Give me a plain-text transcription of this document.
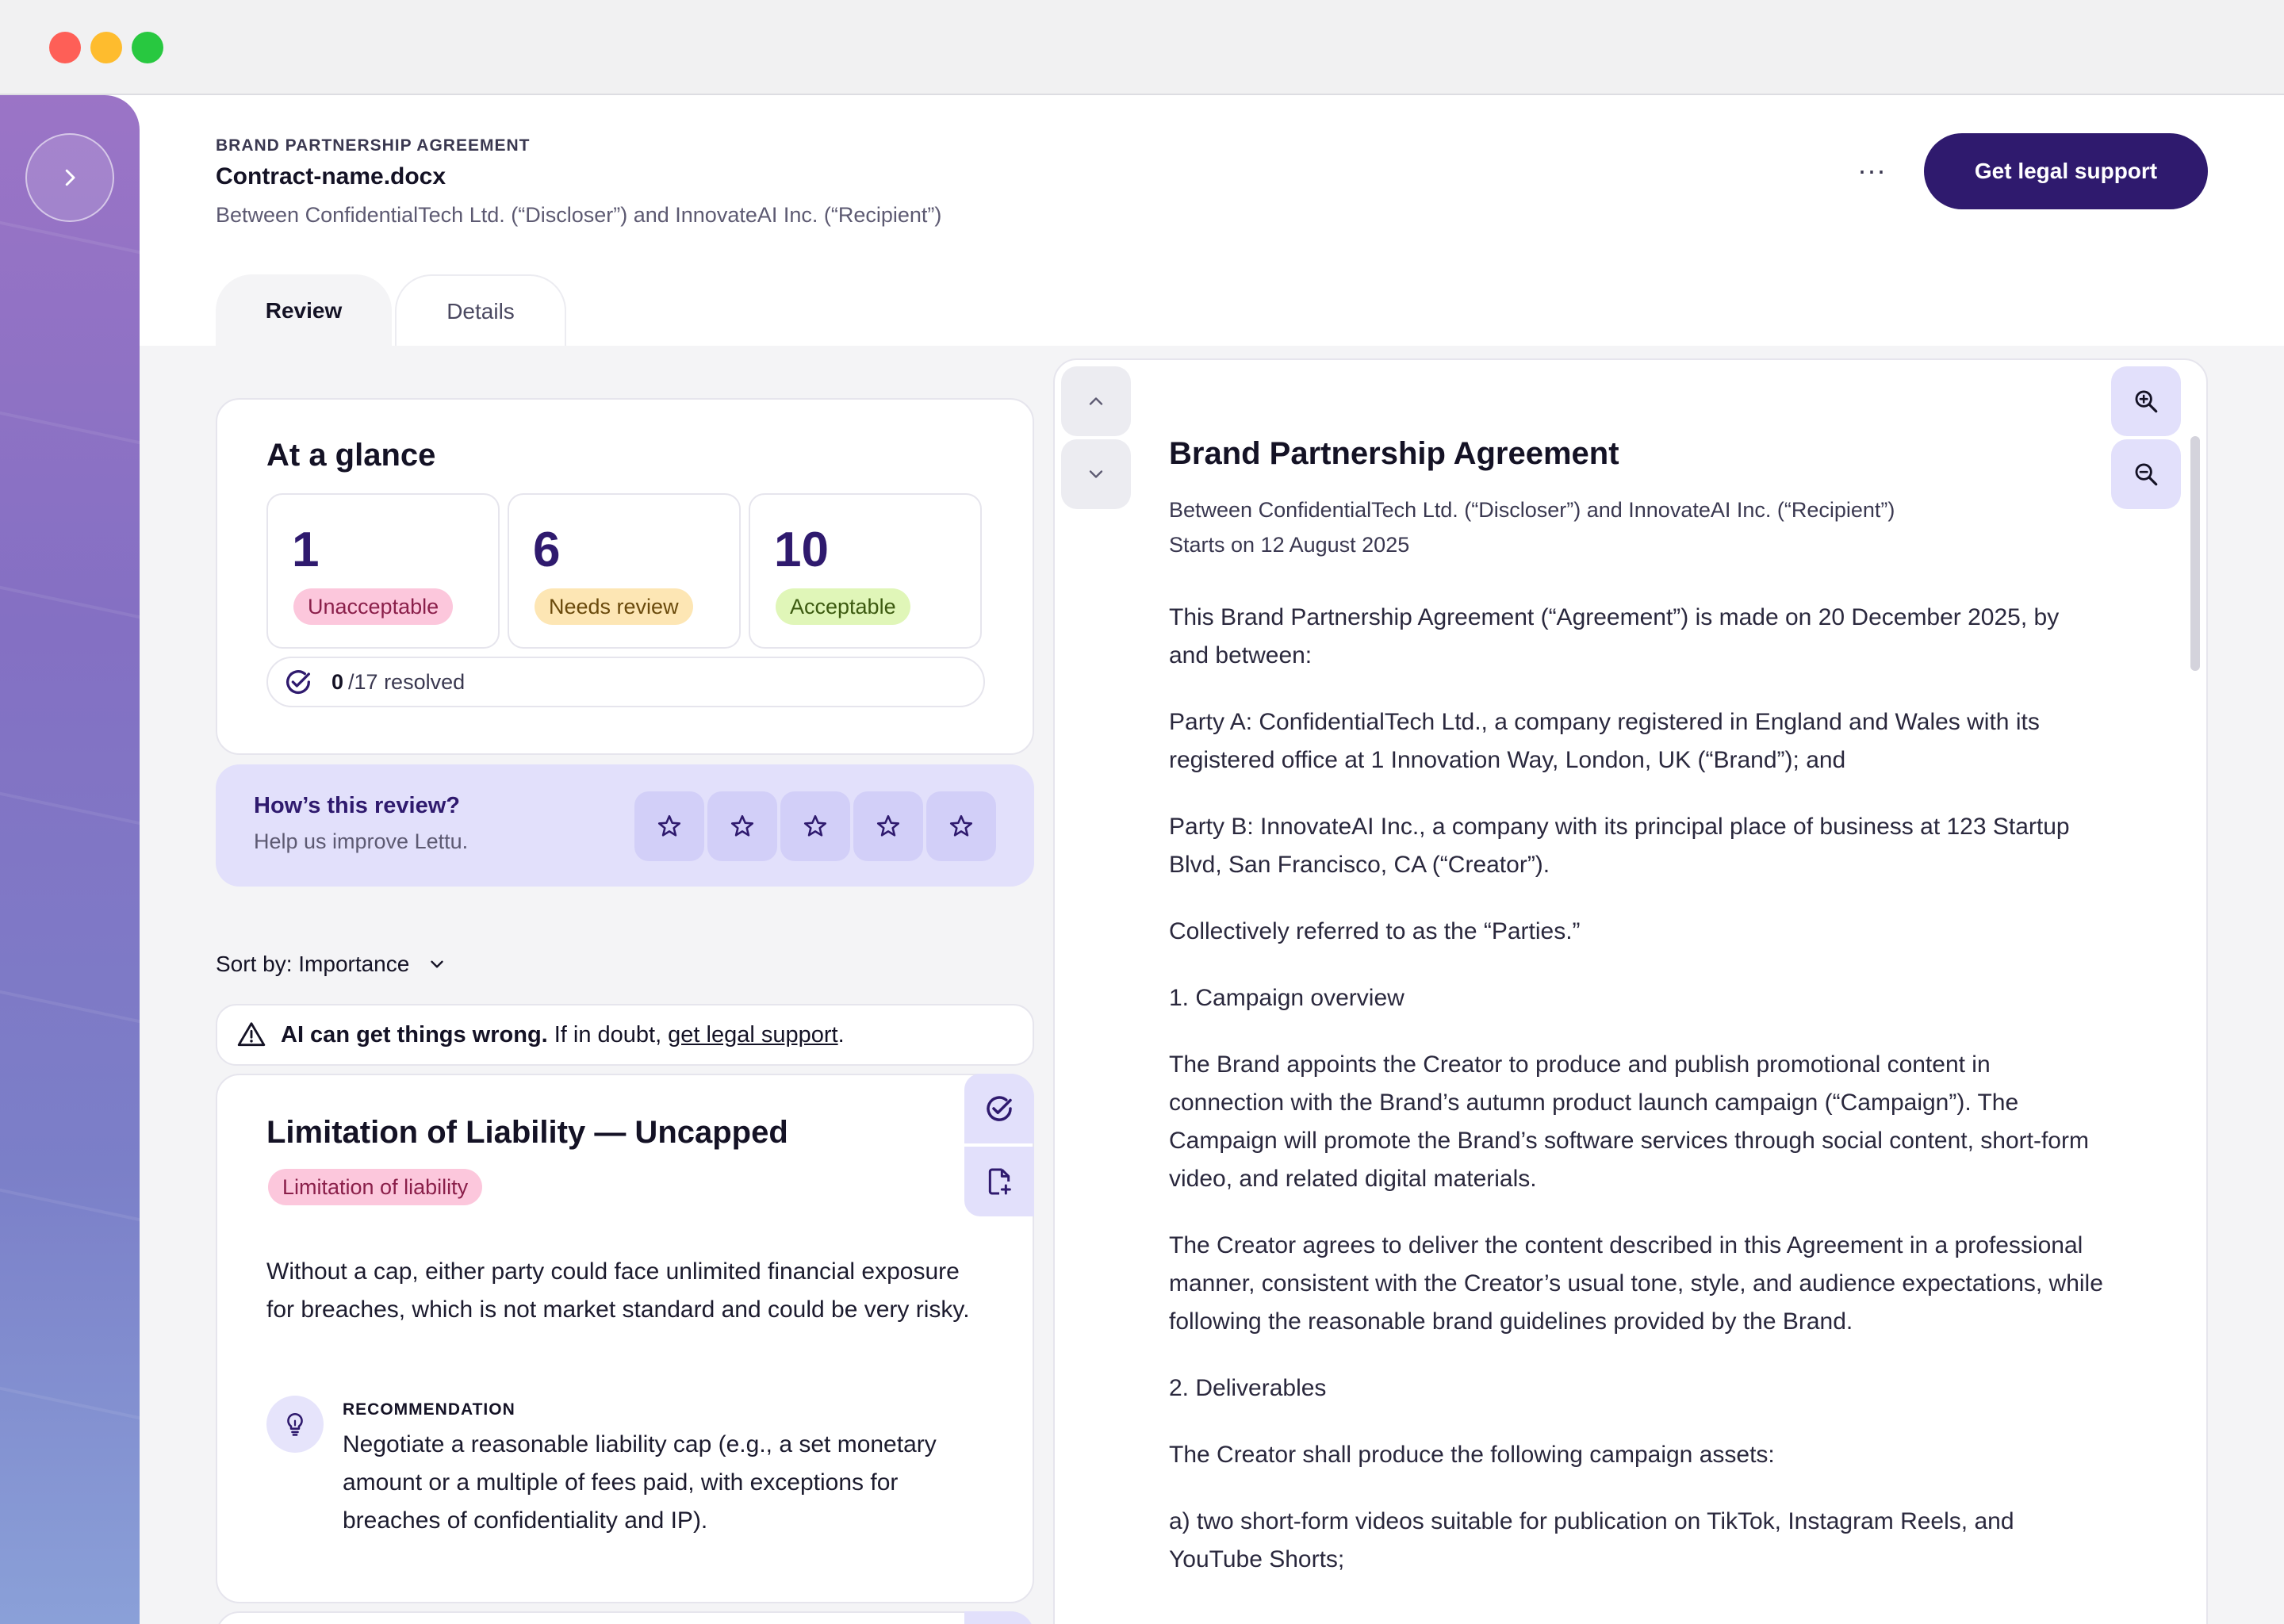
BRAND PARTNERSHIP AGREEMENT
Contract-name.docx
Between ConfidentialTech Ltd. (“Discloser”) and InnovateAI Inc. (“Recipient”)
···	Get legal support
Review	Details
At a glance
1
Unacceptable
6
Needs review
10
Acceptable
0 /17 resolved
How’s this review?
Help us improve Lettu.
Sort by: Importance
AI can get things wrong. If in doubt, get legal support .
Limitation of Liability — Uncapped
Limitation of liability
Without a cap, either party could face unlimited financial exposure for breaches, which is not market standard and could be very risky.
RECOMMENDATION
Negotiate a reasonable liability cap (e.g., a set monetary amount or a multiple of fees paid, with exceptions for breaches of confidentiality and IP).
Brand Partnership Agreement
Between ConfidentialTech Ltd. (“Discloser”) and InnovateAI Inc. (“Recipient”)
Starts on 12 August 2025

This Brand Partnership Agreement (“Agreement”) is made on 20 December 2025, by and between:

Party A: ConfidentialTech Ltd., a company registered in England and Wales with its registered office at 1 Innovation Way, London, UK (“Brand”); and

Party B: InnovateAI Inc., a company with its principal place of business at 123 Startup Blvd, San Francisco, CA (“Creator”).

Collectively referred to as the “Parties.”

1. Campaign overview

The Brand appoints the Creator to produce and publish promotional content in connection with the Brand’s autumn product launch campaign (“Campaign”). The Campaign will promote the Brand’s software services through social content, short-form video, and related digital materials.

The Creator agrees to deliver the content described in this Agreement in a professional manner, consistent with the Creator’s usual tone, style, and audience expectations, while following the reasonable brand guidelines provided by the Brand.

2. Deliverables

The Creator shall produce the following campaign assets:

a) two short-form videos suitable for publication on TikTok, Instagram Reels, and YouTube Shorts;
